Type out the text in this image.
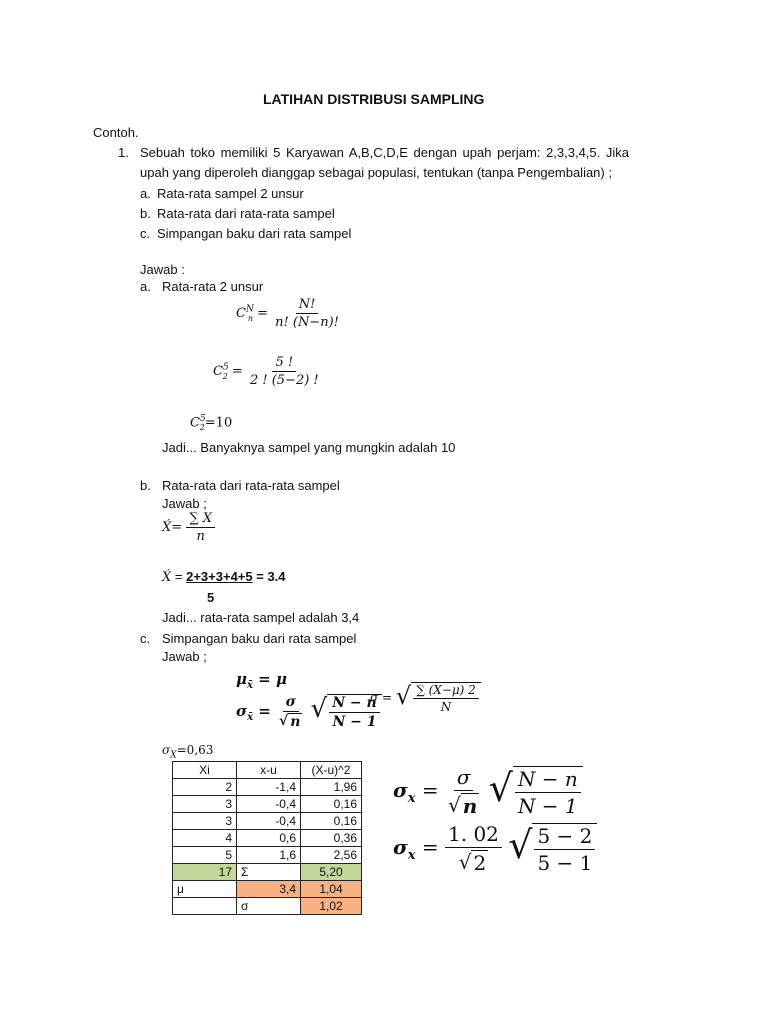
LATIHAN DISTRIBUSI SAMPLING
Contoh.
1. Sebuah toko memiliki 5 Karyawan A,B,C,D,E dengan upah perjam: 2,3,3,4,5. Jika
upah yang diperoleh dianggap sebagai populasi, tentukan (tanpa Pengembalian) ;
a. Rata-rata sampel 2 unsur
b. Rata-rata dari rata-rata sampel
c. Simpangan baku dari rata sampel
Jawab :
a. Rata-rata 2 unsur
$C^N_n = \frac{N!}{n! (N-n)!}$
$C^5_2 = \frac{5 !}{2 ! (5-2) !}$
$C^5_2=10$
Jadi... Banyaknya sampel yang mungkin adalah 10
b. Rata-rata dari rata-rata sampel
Jawab ;
X́= $\frac{\sum X}{n}$
X́ = 2+3+3+4+5 = 3.4
5
Jadi... rata-rata sampel adalah 3,4
c. Simpangan baku dari rata sampel
Jawab ;
$\mu_{x̄} = \mu$
$\sigma_{x̄} = \frac{\sigma}{√ n}$
√ $\frac{N - n}{N - 1}$
σ = √ $\frac{\sum (X-\mu) 2}{N}$
$\sigma_X=0,63$
Xi	x-u	(X-u)^2
2	-1,4	1,96
3	-0,4	0,16
3	-0,4	0,16
4	0,6	0,36
5	1,6	2,56
17	Σ	5,20
μ	3,4	1,04
	σ	1,02
$\sigma_x = \frac{\sigma}{√ n}$
√ $\frac{N - n}{N - 1}$
$\sigma_x = \frac{1. 02}{√ 2}$
√ $\frac{5 - 2}{5 - 1}$
